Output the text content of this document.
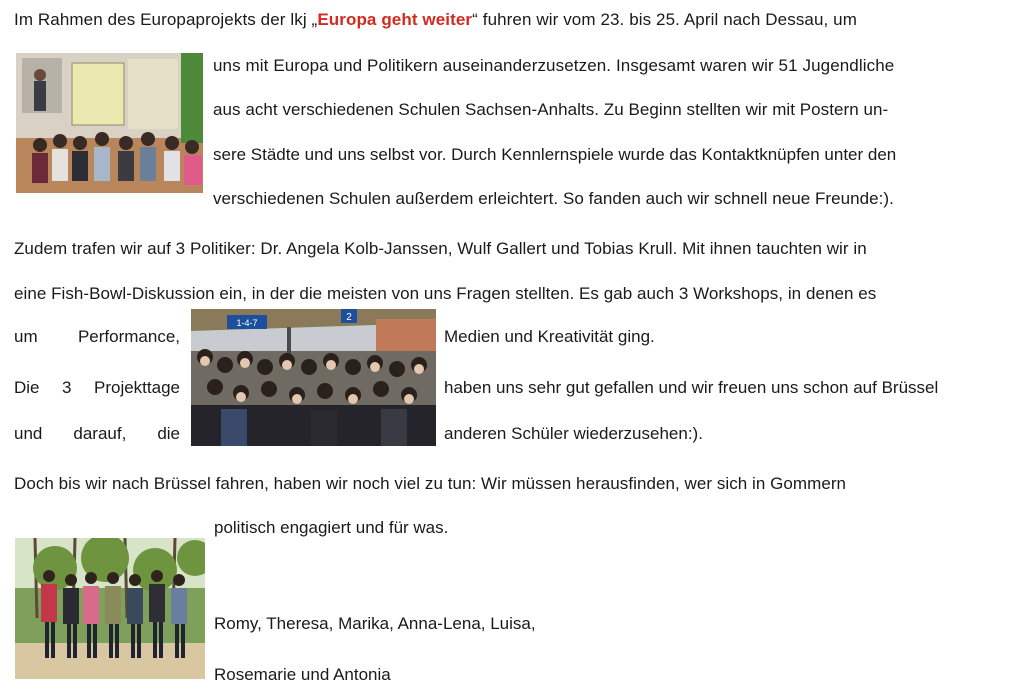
Im Rahmen des Europaprojekts der lkj „Europa geht weiter“ fuhren wir vom 23. bis 25. April nach Dessau, um
uns mit Europa und Politikern auseinanderzusetzen. Insgesamt waren wir 51 Jugendliche
aus acht verschiedenen Schulen Sachsen-Anhalts. Zu Beginn stellten wir mit Postern un-
sere Städte und uns selbst vor. Durch Kennlernspiele wurde das Kontaktknüpfen unter den
verschiedenen Schulen außerdem erleichtert. So fanden auch wir schnell neue Freunde:).
Zudem trafen wir auf 3 Politiker: Dr. Angela Kolb-Janssen, Wulf Gallert und Tobias Krull. Mit ihnen tauchten wir in
eine Fish-Bowl-Diskussion ein, in der die meisten von uns Fragen stellten. Es gab auch 3 Workshops, in denen es
um Performance,	Medien und Kreativität ging.
1-4-7	2
Die 3 Projekttage	haben uns sehr gut gefallen und wir freuen uns schon auf Brüssel
und darauf, die	anderen Schüler wiederzusehen:).
Doch bis wir nach Brüssel fahren, haben wir noch viel zu tun: Wir müssen herausfinden, wer sich in Gommern
politisch engagiert und für was.
Romy, Theresa, Marika, Anna-Lena, Luisa,
Rosemarie und Antonia
